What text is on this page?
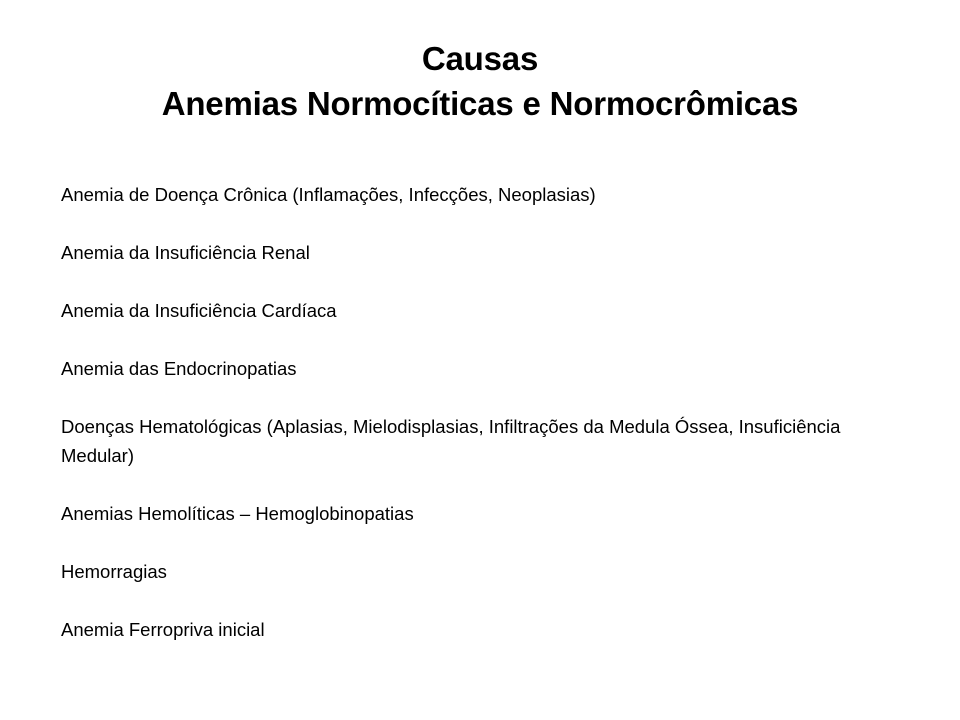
Causas
Anemias Normocíticas e Normocrômicas
Anemia de Doença Crônica (Inflamações, Infecções, Neoplasias)
Anemia da Insuficiência Renal
Anemia da Insuficiência Cardíaca
Anemia das Endocrinopatias
Doenças Hematológicas (Aplasias, Mielodisplasias, Infiltrações da Medula Óssea, Insuficiência Medular)
Anemias Hemolíticas – Hemoglobinopatias
Hemorragias
Anemia Ferropriva inicial
